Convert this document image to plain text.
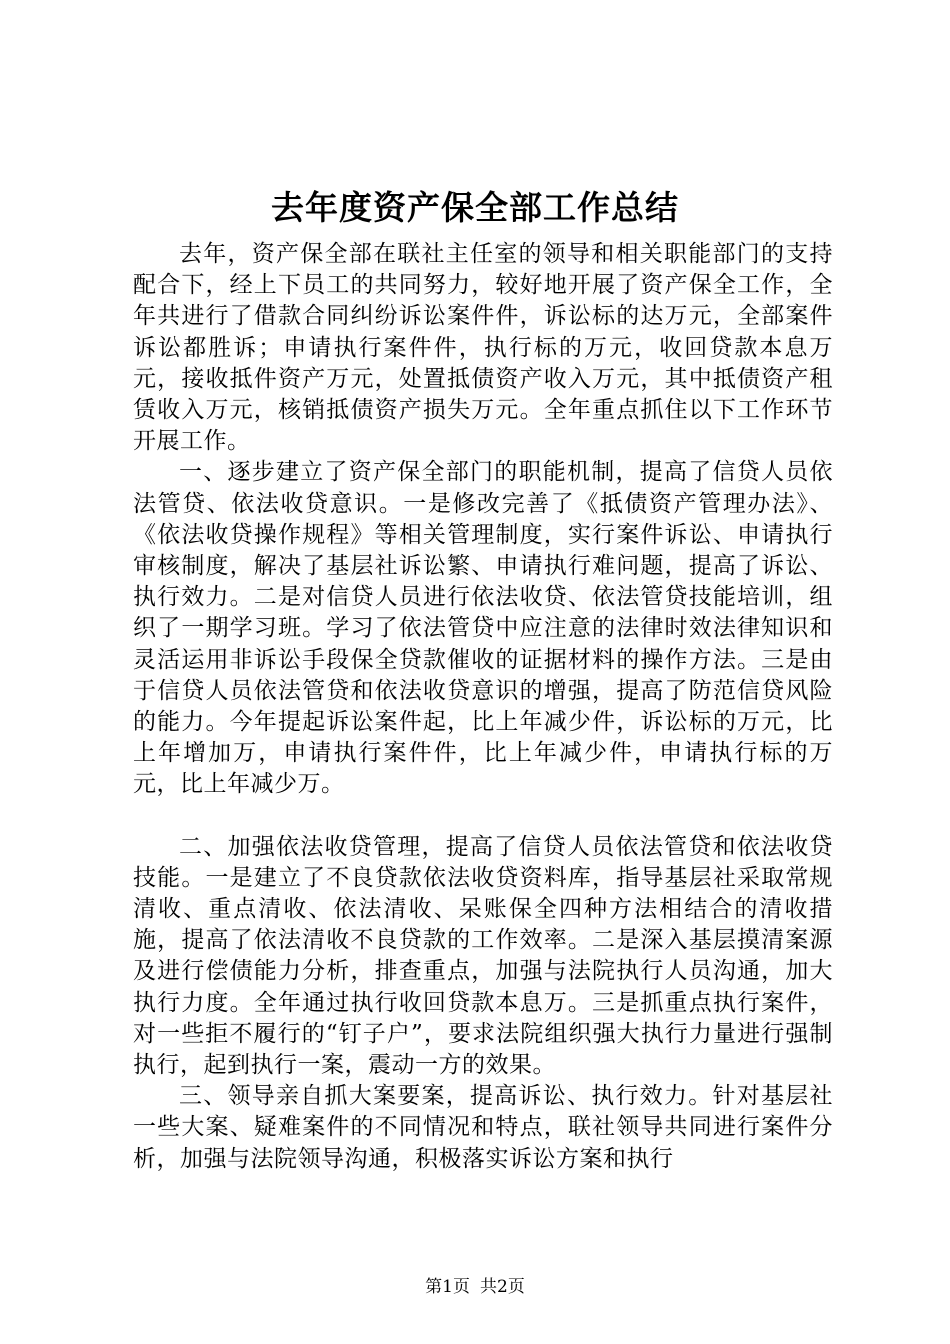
去年度资产保全部工作总结

去年，资产保全部在联社主任室的领导和相关职能部门的支持配合下，经上下员工的共同努力，较好地开展了资产保全工作，全年共进行了借款合同纠纷诉讼案件件，诉讼标的达万元，全部案件诉讼都胜诉；申请执行案件件，执行标的万元，收回贷款本息万元，接收抵件资产万元，处置抵债资产收入万元，其中抵债资产租赁收入万元，核销抵债资产损失万元。全年重点抓住以下工作环节开展工作。

一、逐步建立了资产保全部门的职能机制，提高了信贷人员依法管贷、依法收贷意识。一是修改完善了《抵债资产管理办法》、《依法收贷操作规程》等相关管理制度，实行案件诉讼、申请执行审核制度，解决了基层社诉讼繁、申请执行难问题，提高了诉讼、执行效力。二是对信贷人员进行依法收贷、依法管贷技能培训，组织了一期学习班。学习了依法管贷中应注意的法律时效法律知识和灵活运用非诉讼手段保全贷款催收的证据材料的操作方法。三是由于信贷人员依法管贷和依法收贷意识的增强，提高了防范信贷风险的能力。今年提起诉讼案件起，比上年减少件，诉讼标的万元，比上年增加万，申请执行案件件，比上年减少件，申请执行标的万元，比上年减少万。

二、加强依法收贷管理，提高了信贷人员依法管贷和依法收贷技能。一是建立了不良贷款依法收贷资料库，指导基层社采取常规清收、重点清收、依法清收、呆账保全四种方法相结合的清收措施，提高了依法清收不良贷款的工作效率。二是深入基层摸清案源及进行偿债能力分析，排查重点，加强与法院执行人员沟通，加大执行力度。全年通过执行收回贷款本息万。三是抓重点执行案件，对一些拒不履行的“钉子户”，要求法院组织强大执行力量进行强制执行，起到执行一案，震动一方的效果。

三、领导亲自抓大案要案，提高诉讼、执行效力。针对基层社一些大案、疑难案件的不同情况和特点，联社领导共同进行案件分析，加强与法院领导沟通，积极落实诉讼方案和执行

第1页 共2页
